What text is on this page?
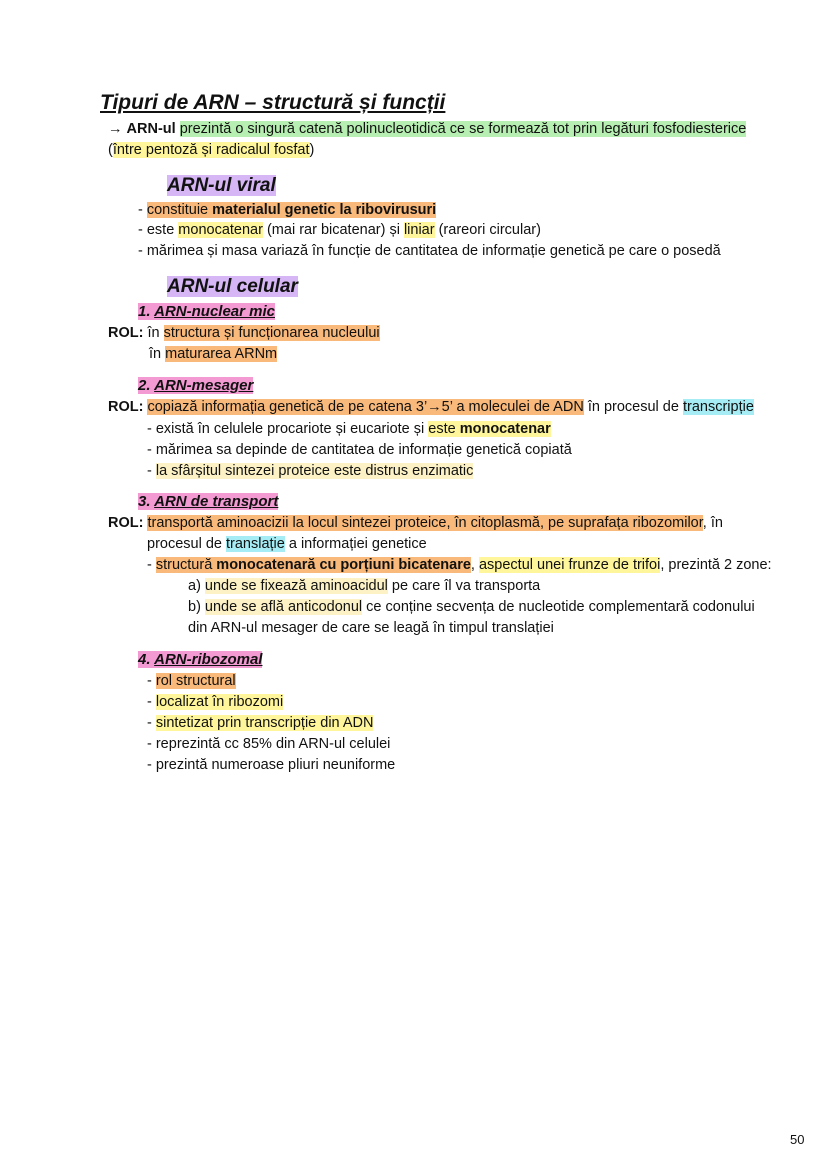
Tipuri de ARN – structură și funcții
→ ARN-ul prezintă o singură catenă polinucleotidică ce se formează tot prin legături fosfodiesterice
(între pentoză și radicalul fosfat)
ARN-ul viral
- constituie materialul genetic la ribovirusuri
- este monocatenar (mai rar bicatenar) și liniar (rareori circular)
- mărimea și masa variază în funcție de cantitatea de informație genetică pe care o posedă
ARN-ul celular
1. ARN-nuclear mic
ROL: în structura și funcționarea nucleului
în maturarea ARNm
2. ARN-mesager
ROL: copiază informația genetică de pe catena 3’→5’ a moleculei de ADN în procesul de transcripție
- există în celulele procariote și eucariote și este monocatenar
- mărimea sa depinde de cantitatea de informație genetică copiată
- la sfârșitul sintezei proteice este distrus enzimatic
3. ARN de transport
ROL: transportă aminoacizii la locul sintezei proteice, în citoplasmă, pe suprafața ribozomilor, în
procesul de translație a informației genetice
- structură monocatenară cu porțiuni bicatenare, aspectul unei frunze de trifoi, prezintă 2 zone:
a) unde se fixează aminoacidul pe care îl va transporta
b) unde se află anticodonul ce conține secvența de nucleotide complementară codonului
din ARN-ul mesager de care se leagă în timpul translației
4. ARN-ribozomal
- rol structural
- localizat în ribozomi
- sintetizat prin transcripție din ADN
- reprezintă cc 85% din ARN-ul celulei
- prezintă numeroase pliuri neuniforme
50
